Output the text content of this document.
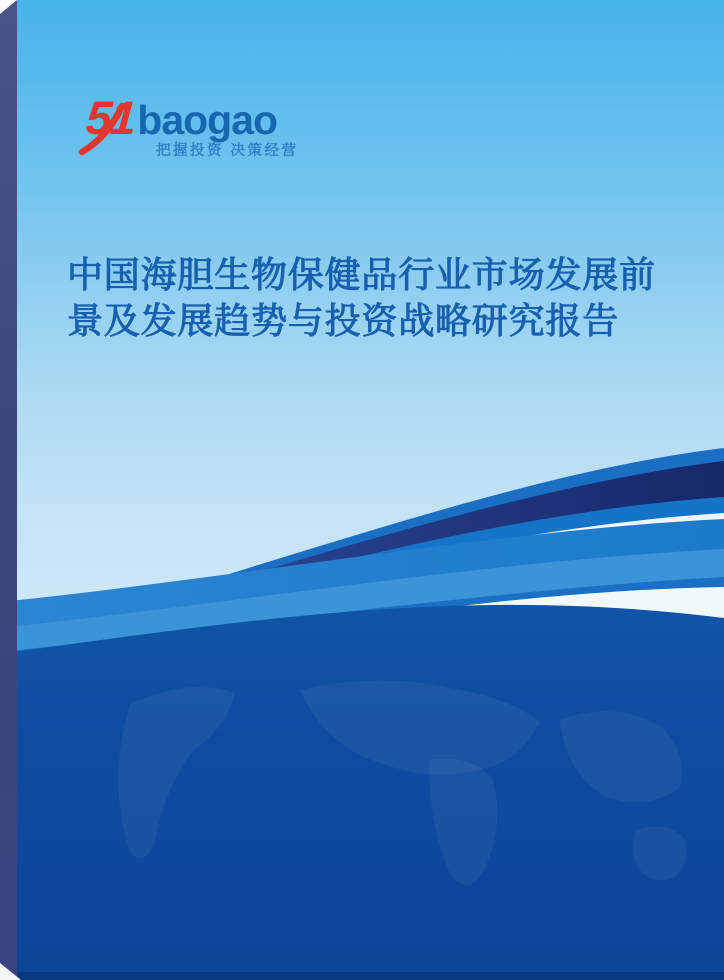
51 baogao
把握投资 决策经营
中国海胆生物保健品行业市场发展前
景及发展趋势与投资战略研究报告
